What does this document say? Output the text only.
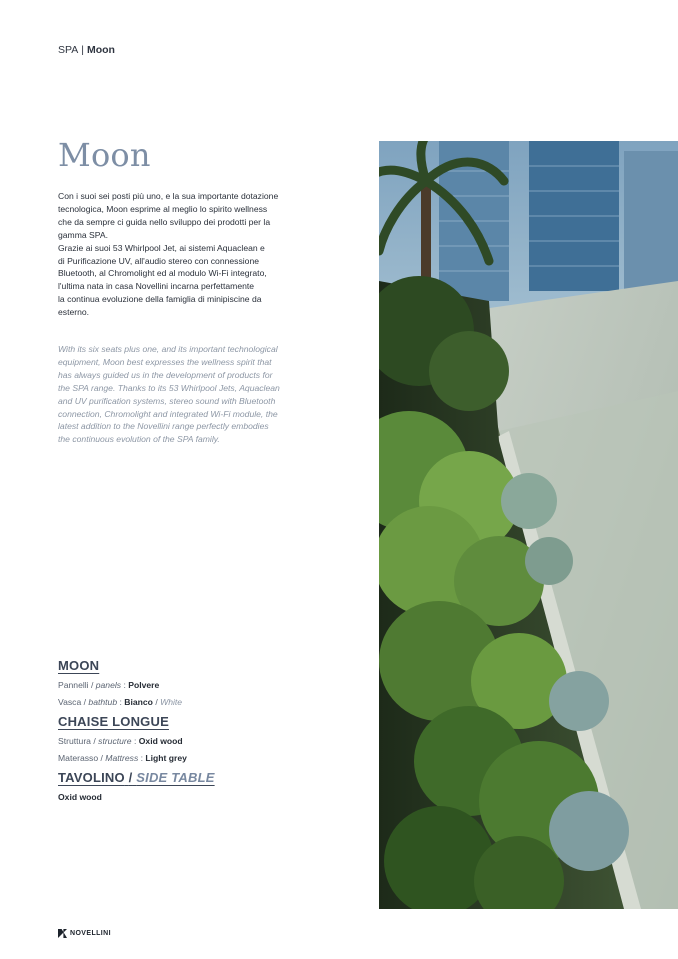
SPA | Moon
Moon

Con i suoi sei posti più uno, e la sua importante dotazione
tecnologica, Moon esprime al meglio lo spirito wellness
che da sempre ci guida nello sviluppo dei prodotti per la
gamma SPA.
Grazie ai suoi 53 Whirlpool Jet, ai sistemi Aquaclean e
di Purificazione UV, all'audio stereo con connessione
Bluetooth, al Chromolight ed al modulo Wi-Fi integrato,
l'ultima nata in casa Novellini incarna perfettamente
la continua evoluzione della famiglia di minipiscine da
esterno.

With its six seats plus one, and its important technological
equipment, Moon best expresses the wellness spirit that
has always guided us in the development of products for
the SPA range. Thanks to its 53 Whirlpool Jets, Aquaclean
and UV purification systems, stereo sound with Bluetooth
connection, Chromolight and integrated Wi-Fi module, the
latest addition to the Novellini range perfectly embodies
the continuous evolution of the SPA family.
MOON
Pannelli / panels : Polvere
Vasca / bathtub : Bianco / White
CHAISE LONGUE
Struttura / structure : Oxid wood
Materasso / Mattress : Light grey
TAVOLINO / SIDE TABLE
Oxid wood
NOVELLINI
